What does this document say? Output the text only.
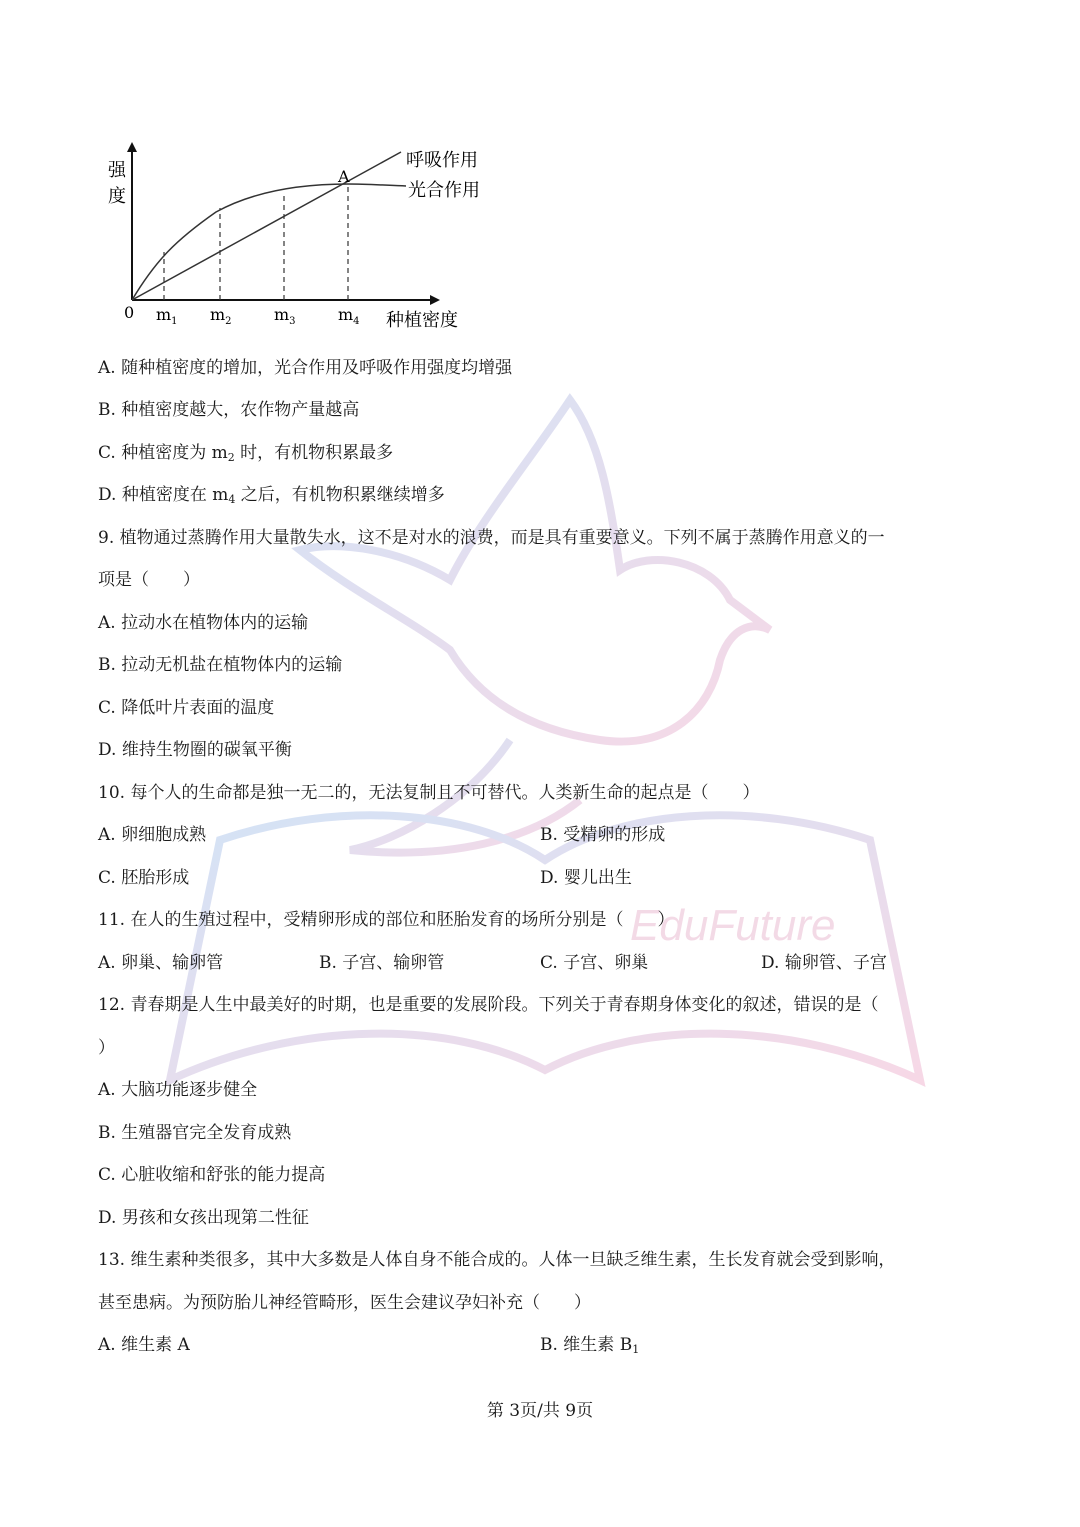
EduFuture
强
度
0 $m_1$ $m_2$	$m_3$	$m_4$ 种植密度
A
呼吸作用
光合作用
A. 随种植密度的增加，光合作用及呼吸作用强度均增强
B. 种植密度越大，农作物产量越高
C. 种植密度为 $m_2$ 时，有机物积累最多
D. 种植密度在 $m_4$ 之后，有机物积累继续增多
9. 植物通过蒸腾作用大量散失水，这不是对水的浪费，而是具有重要意义。下列不属于蒸腾作用意义的一
项是（　　）
A. 拉动水在植物体内的运输
B. 拉动无机盐在植物体内的运输
C. 降低叶片表面的温度
D. 维持生物圈的碳氧平衡
10. 每个人的生命都是独一无二的，无法复制且不可替代。人类新生命的起点是（　　）
A. 卵细胞成熟	B. 受精卵的形成
C. 胚胎形成	D. 婴儿出生
11. 在人的生殖过程中，受精卵形成的部位和胚胎发育的场所分别是（　　）
A. 卵巢、输卵管	B. 子宫、输卵管	C. 子宫、卵巢	D. 输卵管、子宫
12. 青春期是人生中最美好的时期，也是重要的发展阶段。下列关于青春期身体变化的叙述，错误的是（
）
A. 大脑功能逐步健全
B. 生殖器官完全发育成熟
C. 心脏收缩和舒张的能力提高
D. 男孩和女孩出现第二性征
13. 维生素种类很多，其中大多数是人体自身不能合成的。人体一旦缺乏维生素，生长发育就会受到影响，
甚至患病。为预防胎儿神经管畸形，医生会建议孕妇补充（　　）
A. 维生素 A	B. 维生素 $B_1$
第 3页/共 9页
